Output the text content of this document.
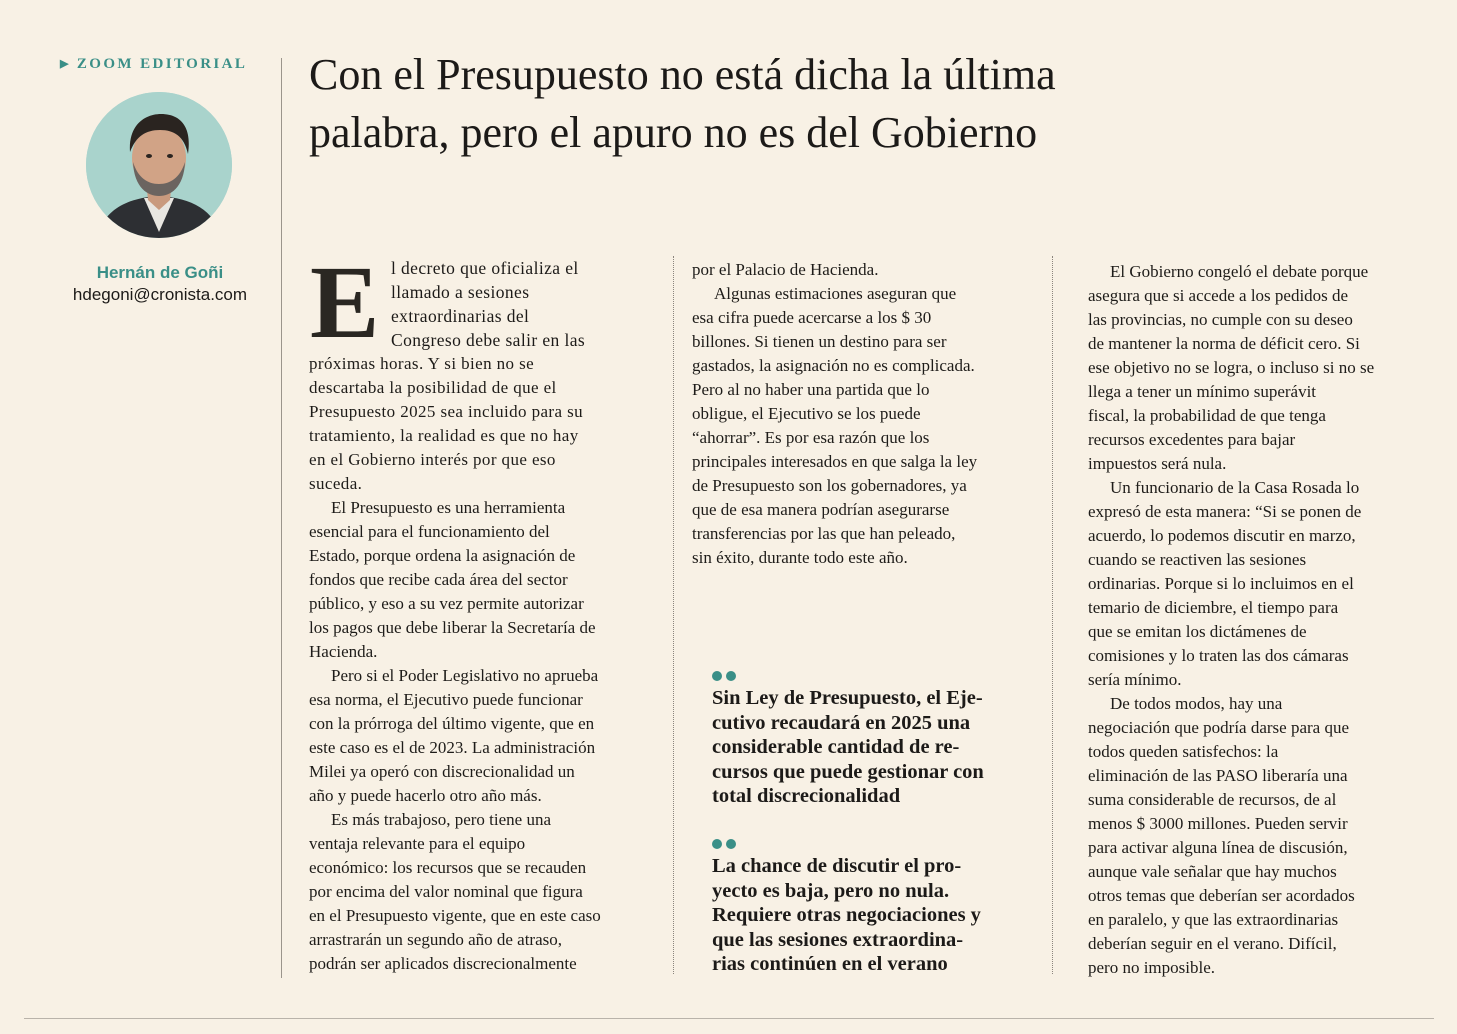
▶ ZOOM EDITORIAL
Hernán de Goñi
hdegoni@cronista.com
Con el Presupuesto no está dicha la última
palabra, pero el apuro no es del Gobierno
E l decreto que oficializa el
llamado a sesiones
extraordinarias del
Congreso debe salir en las
próximas horas. Y si bien no se
descartaba la posibilidad de que el
Presupuesto 2025 sea incluido para su
tratamiento, la realidad es que no hay
en el Gobierno interés por que eso
suceda.
El Presupuesto es una herramienta
esencial para el funcionamiento del
Estado, porque ordena la asignación de
fondos que recibe cada área del sector
público, y eso a su vez permite autorizar
los pagos que debe liberar la Secretaría de
Hacienda.
Pero si el Poder Legislativo no aprueba
esa norma, el Ejecutivo puede funcionar
con la prórroga del último vigente, que en
este caso es el de 2023. La administración
Milei ya operó con discrecionalidad un
año y puede hacerlo otro año más.
Es más trabajoso, pero tiene una
ventaja relevante para el equipo
económico: los recursos que se recauden
por encima del valor nominal que figura
en el Presupuesto vigente, que en este caso
arrastrarán un segundo año de atraso,
podrán ser aplicados discrecionalmente
por el Palacio de Hacienda.
Algunas estimaciones aseguran que
esa cifra puede acercarse a los $ 30
billones. Si tienen un destino para ser
gastados, la asignación no es complicada.
Pero al no haber una partida que lo
obligue, el Ejecutivo se los puede
“ahorrar”. Es por esa razón que los
principales interesados en que salga la ley
de Presupuesto son los gobernadores, ya
que de esa manera podrían asegurarse
transferencias por las que han peleado,
sin éxito, durante todo este año.
Sin Ley de Presupuesto, el Eje-
cutivo recaudará en 2025 una
considerable cantidad de re-
cursos que puede gestionar con
total discrecionalidad
La chance de discutir el pro-
yecto es baja, pero no nula.
Requiere otras negociaciones y
que las sesiones extraordina-
rias continúen en el verano
El Gobierno congeló el debate porque
asegura que si accede a los pedidos de
las provincias, no cumple con su deseo
de mantener la norma de déficit cero. Si
ese objetivo no se logra, o incluso si no se
llega a tener un mínimo superávit
fiscal, la probabilidad de que tenga
recursos excedentes para bajar
impuestos será nula.
Un funcionario de la Casa Rosada lo
expresó de esta manera: “Si se ponen de
acuerdo, lo podemos discutir en marzo,
cuando se reactiven las sesiones
ordinarias. Porque si lo incluimos en el
temario de diciembre, el tiempo para
que se emitan los dictámenes de
comisiones y lo traten las dos cámaras
sería mínimo.
De todos modos, hay una
negociación que podría darse para que
todos queden satisfechos: la
eliminación de las PASO liberaría una
suma considerable de recursos, de al
menos $ 3000 millones. Pueden servir
para activar alguna línea de discusión,
aunque vale señalar que hay muchos
otros temas que deberían ser acordados
en paralelo, y que las extraordinarias
deberían seguir en el verano. Difícil,
pero no imposible.
